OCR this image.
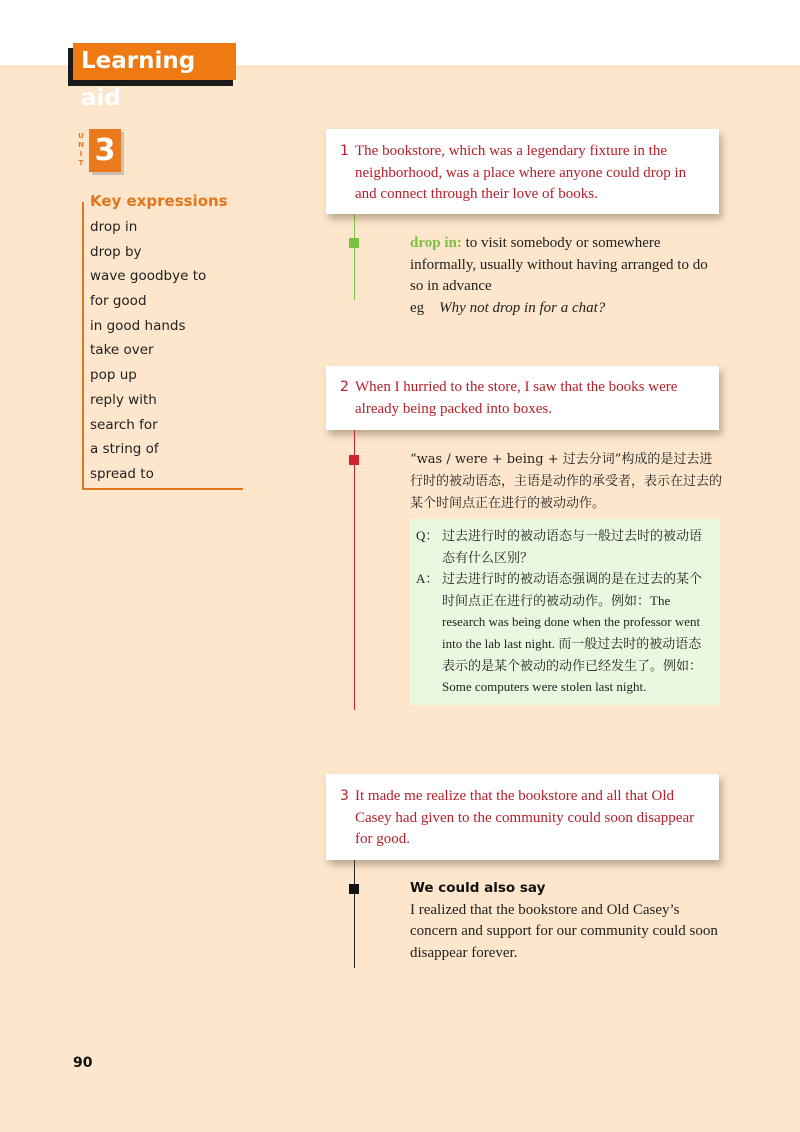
Learning aid
U
N
I
T 3
Key expressions
drop in
drop by
wave goodbye to
for good
in good hands
take over
pop up
reply with
search for
a string of
spread to
1 The bookstore, which was a legendary fixture in the neighborhood, was a place where anyone could drop in and connect through their love of books.
drop in: to visit somebody or somewhere informally, usually without having arranged to do so in advance
eg Why not drop in for a chat?
2 When I hurried to the store, I saw that the books were already being packed into boxes.
“was / were + being + 过去分词”构成的是过去进行时的被动语态，主语是动作的承受者，表示在过去的某个时间点正在进行的被动动作。
Q： 过去进行时的被动语态与一般过去时的被动语态有什么区别？
A： 过去进行时的被动语态强调的是在过去的某个时间点正在进行的被动动作。例如：The research was being done when the professor went into the lab last night. 而一般过去时的被动语态表示的是某个被动的动作已经发生了。例如：Some computers were stolen last night.
3 It made me realize that the bookstore and all that Old Casey had given to the community could soon disappear for good.
We could also say
I realized that the bookstore and Old Casey’s concern and support for our community could soon disappear forever.
90
